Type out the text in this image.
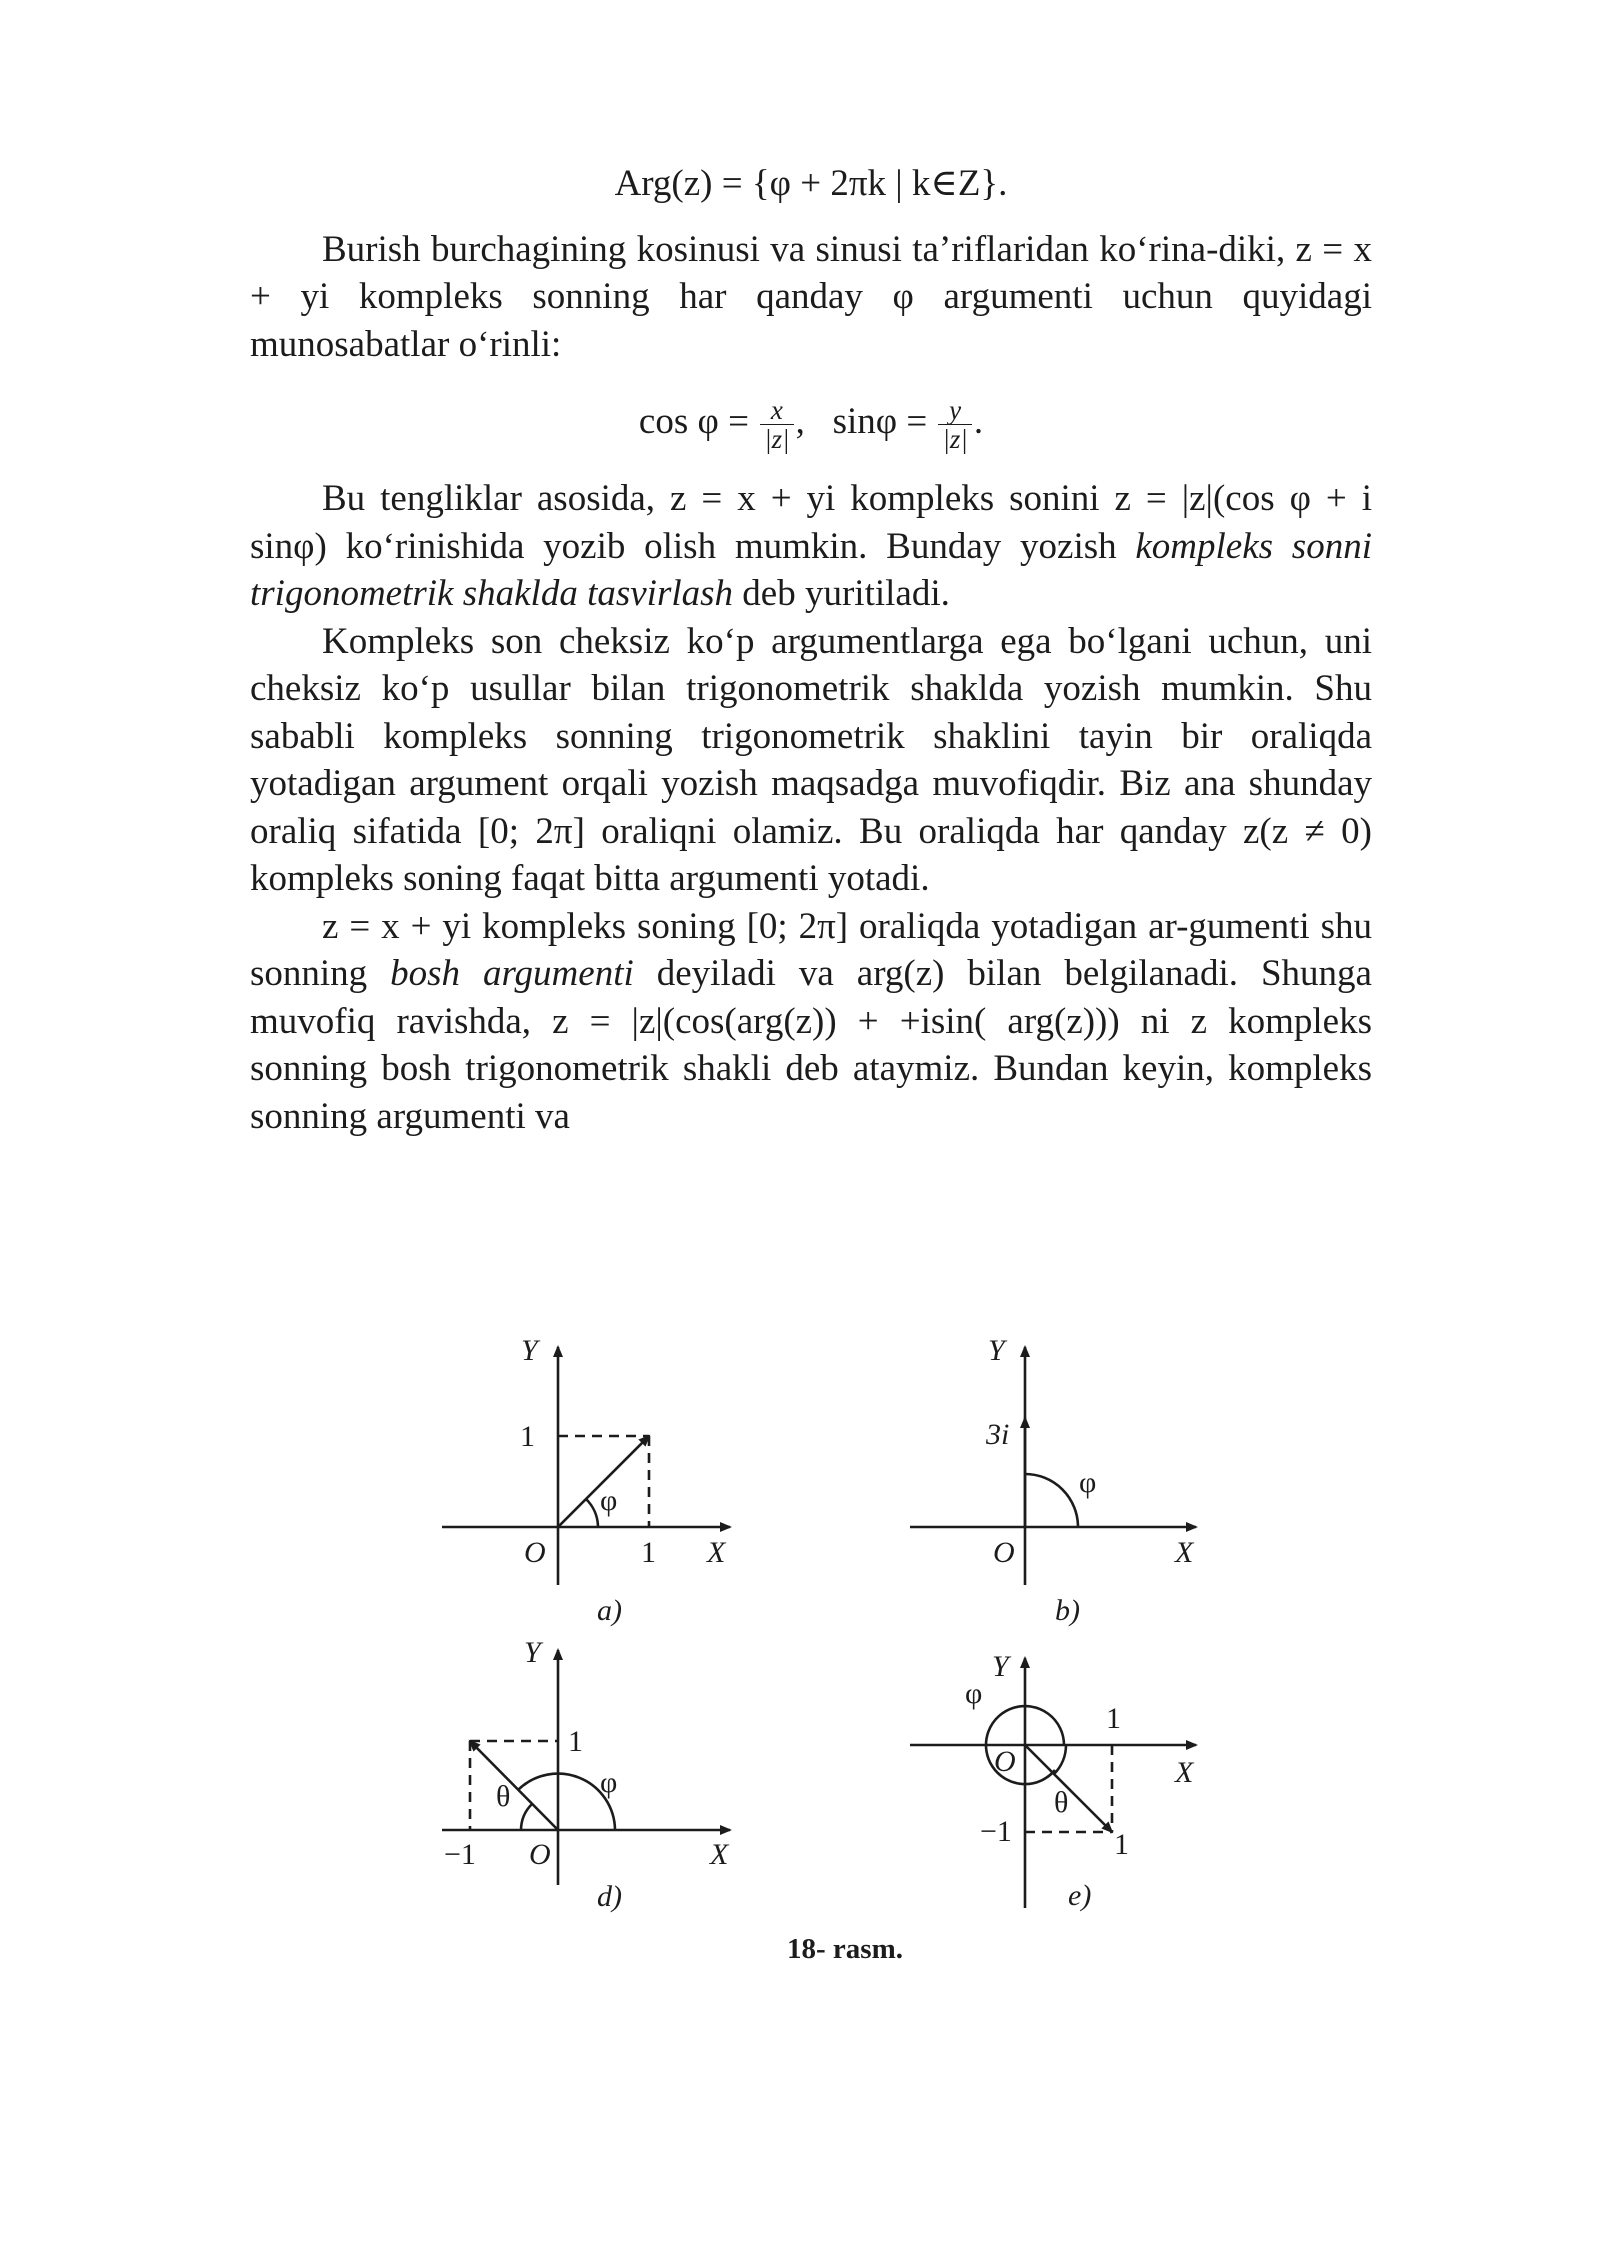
Arg(z) = {φ + 2πk | k∈Z}.

Burish burchagining kosinusi va sinusi ta’riflaridan ko‘rina-diki, z = x + yi kompleks sonning har qanday φ argumenti uchun quyidagi munosabatlar o‘rinli:

$\cos \varphi = \frac{x}{|z|}$ ,   $\sin\varphi = \frac{y}{|z|}$ .

Bu tengliklar asosida, z = x + yi kompleks sonini z = |z|(cos φ + i sinφ) ko‘rinishida yozib olish mumkin. Bunday yozish kompleks sonni trigonometrik shaklda tasvirlash deb yuritiladi.

Kompleks son cheksiz ko‘p argumentlarga ega bo‘lgani uchun, uni cheksiz ko‘p usullar bilan trigonometrik shaklda yozish mumkin. Shu sababli kompleks sonning trigonometrik shaklini tayin bir oraliqda yotadigan argument orqali yozish maqsadga muvofiqdir. Biz ana shunday oraliq sifatida [0; 2π] oraliqni olamiz. Bu oraliqda har qanday z(z ≠ 0) kompleks soning faqat bitta argumenti yotadi.

z = x + yi kompleks soning [0; 2π] oraliqda yotadigan ar-gumenti shu sonning bosh argumenti deyiladi va arg(z) bilan belgilanadi. Shunga muvofiq ravishda, z = |z|(cos(arg(z)) + +isin( arg(z))) ni z kompleks sonning bosh trigonometrik shakli deb ataymiz. Bundan keyin, kompleks sonning argumenti va

Y
1
φ
O	1 X
a)
Y
3i
φ
O	X
b)
Y
1
φ
θ
−1 O	X
d)
Y
φ
1
O	X
θ
−1	1
e)
18- rasm.
